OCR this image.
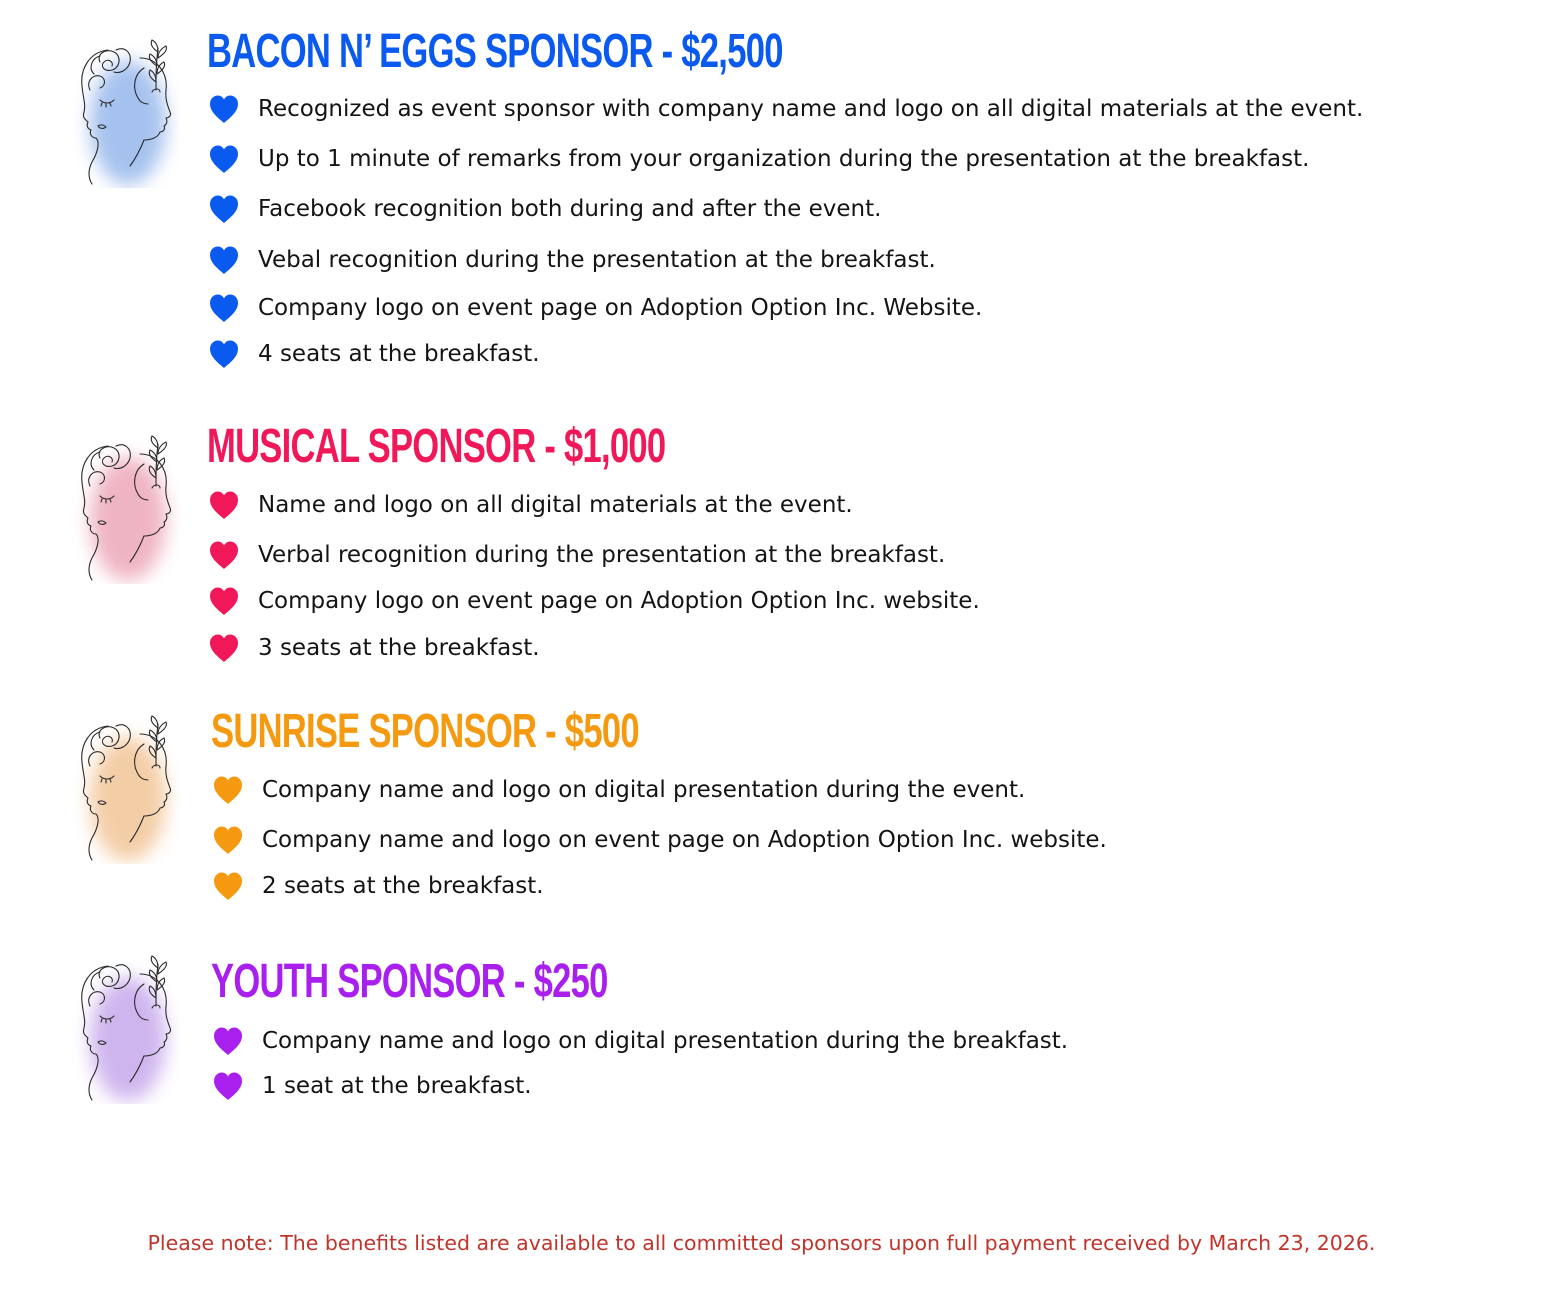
BACON N’ EGGS SPONSOR - $2,500
Recognized as event sponsor with company name and logo on all digital materials at the event.
Up to 1 minute of remarks from your organization during the presentation at the breakfast.
Facebook recognition both during and after the event.
Vebal recognition during the presentation at the breakfast.
Company logo on event page on Adoption Option Inc. Website.
4 seats at the breakfast.
MUSICAL SPONSOR - $1,000
Name and logo on all digital materials at the event.
Verbal recognition during the presentation at the breakfast.
Company logo on event page on Adoption Option Inc. website.
3 seats at the breakfast.
SUNRISE SPONSOR - $500
Company name and logo on digital presentation during the event.
Company name and logo on event page on Adoption Option Inc. website.
2 seats at the breakfast.
YOUTH SPONSOR - $250
Company name and logo on digital presentation during the breakfast.
1 seat at the breakfast.

Please note: The benefits listed are available to all committed sponsors upon full payment received by March 23, 2026.
